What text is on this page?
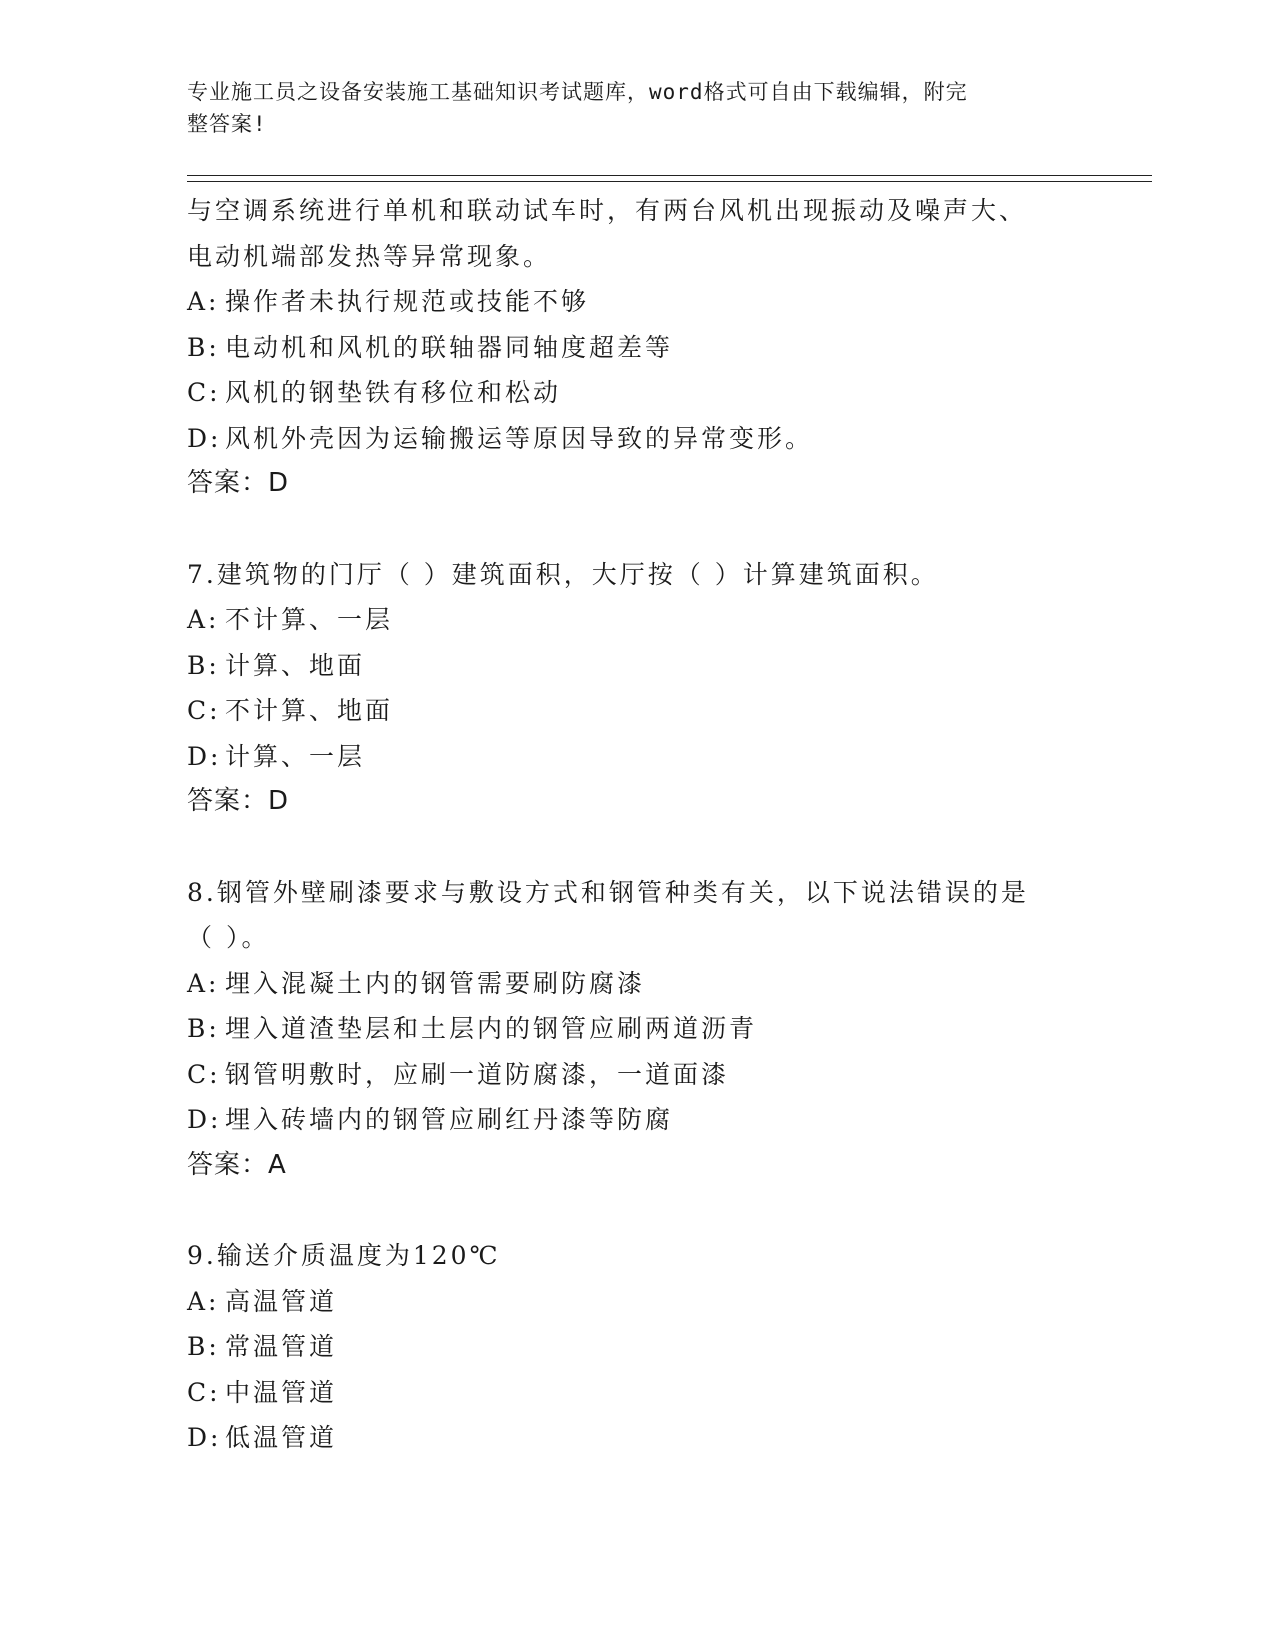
专业施工员之设备安装施工基础知识考试题库，word格式可自由下载编辑，附完
整答案!
与空调系统进行单机和联动试车时，有两台风机出现振动及噪声大、
电动机端部发热等异常现象。
A: 操作者未执行规范或技能不够
B: 电动机和风机的联轴器同轴度超差等
C: 风机的钢垫铁有移位和松动
D: 风机外壳因为运输搬运等原因导致的异常变形。
答案：D
7.建筑物的门厅（ ）建筑面积，大厅按（ ）计算建筑面积。
A: 不计算、一层
B: 计算、地面
C: 不计算、地面
D: 计算、一层
答案：D
8.钢管外壁刷漆要求与敷设方式和钢管种类有关，以下说法错误的是
（ ）。
A: 埋入混凝土内的钢管需要刷防腐漆
B: 埋入道渣垫层和土层内的钢管应刷两道沥青
C: 钢管明敷时，应刷一道防腐漆，一道面漆
D: 埋入砖墙内的钢管应刷红丹漆等防腐
答案：A
9.输送介质温度为120℃
A: 高温管道
B: 常温管道
C: 中温管道
D: 低温管道
